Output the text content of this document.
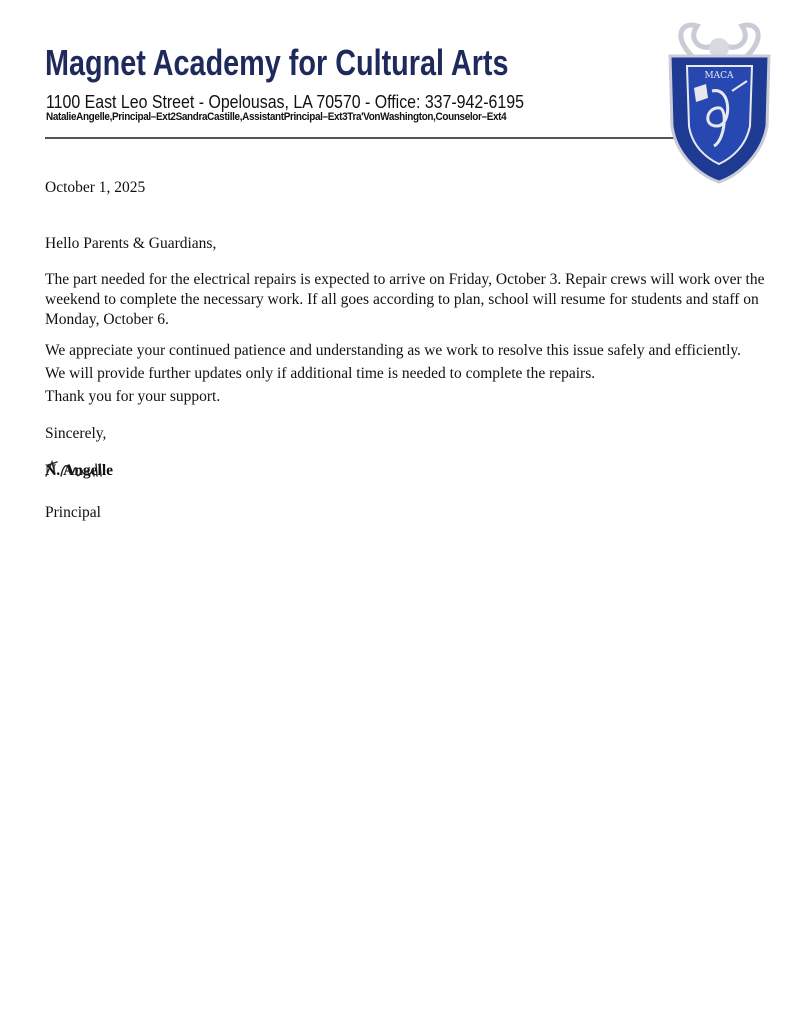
Magnet Academy for Cultural Arts
1100 East Leo Street - Opelousas, LA 70570 - Office: 337-942-6195
NatalieAngelle,Principal–Ext2SandraCastille,AssistantPrincipal–Ext3Tra'VonWashington,Counselor–Ext4
MACA
October 1, 2025
Hello Parents & Guardians,
The part needed for the electrical repairs is expected to arrive on Friday, October 3. Repair crews will work over the weekend to complete the necessary work. If all goes according to plan, school will resume for students and staff on Monday, October 6.
We appreciate your continued patience and understanding as we work to resolve this issue safely and efficiently.
We will provide further updates only if additional time is needed to complete the repairs.
Thank you for your support.
Sincerely,
N. Angelle
Principal
